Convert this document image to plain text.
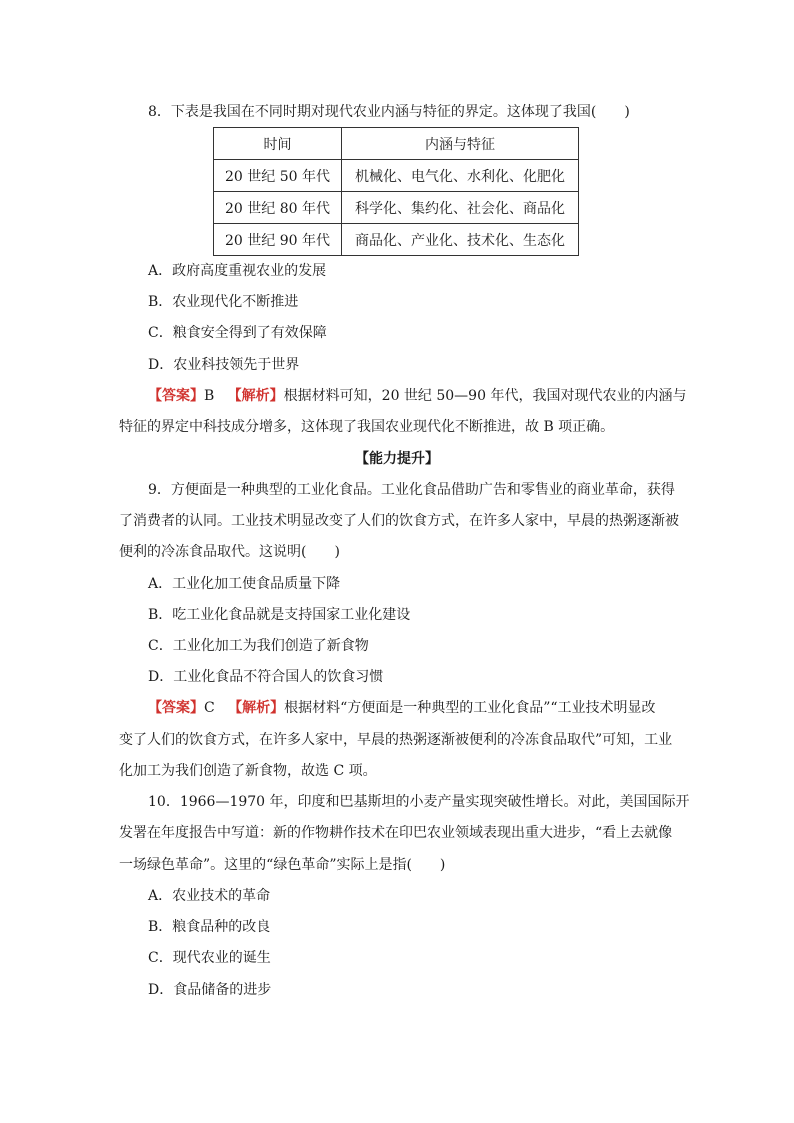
8．下表是我国在不同时期对现代农业内涵与特征的界定。这体现了我国(　　)
时间	内涵与特征
20 世纪 50 年代	机械化、电气化、水利化、化肥化
20 世纪 80 年代	科学化、集约化、社会化、商品化
20 世纪 90 年代	商品化、产业化、技术化、生态化
A．政府高度重视农业的发展
B．农业现代化不断推进
C．粮食安全得到了有效保障
D．农业科技领先于世界
【答案】B 【解析】根据材料可知，20 世纪 50—90 年代，我国对现代农业的内涵与
特征的界定中科技成分增多，这体现了我国农业现代化不断推进，故 B 项正确。
【能力提升】
9．方便面是一种典型的工业化食品。工业化食品借助广告和零售业的商业革命，获得
了消费者的认同。工业技术明显改变了人们的饮食方式，在许多人家中，早晨的热粥逐渐被
便利的冷冻食品取代。这说明(　　)
A．工业化加工使食品质量下降
B．吃工业化食品就是支持国家工业化建设
C．工业化加工为我们创造了新食物
D．工业化食品不符合国人的饮食习惯
【答案】C 【解析】根据材料“方便面是一种典型的工业化食品”“工业技术明显改
变了人们的饮食方式，在许多人家中，早晨的热粥逐渐被便利的冷冻食品取代”可知，工业
化加工为我们创造了新食物，故选 C 项。
10．1966—1970 年，印度和巴基斯坦的小麦产量实现突破性增长。对此，美国国际开
发署在年度报告中写道：新的作物耕作技术在印巴农业领域表现出重大进步，“看上去就像
一场绿色革命”。这里的“绿色革命”实际上是指(　　)
A．农业技术的革命
B．粮食品种的改良
C．现代农业的诞生
D．食品储备的进步
